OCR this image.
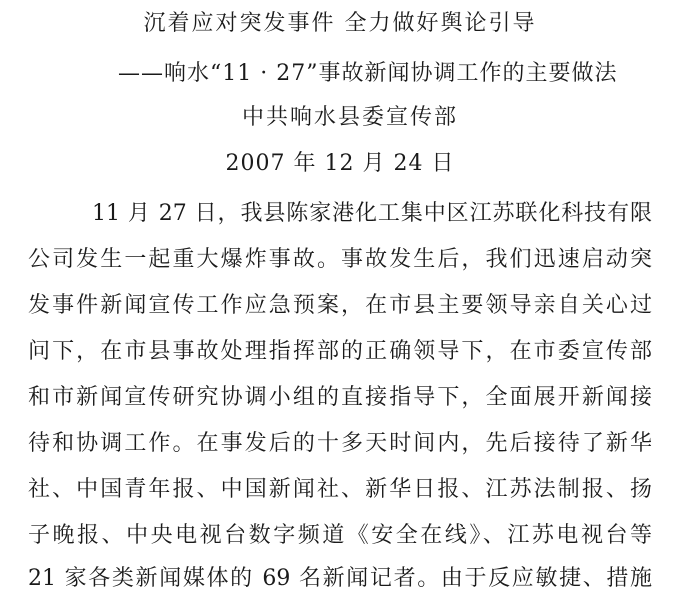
沉着应对突发事件 全力做好舆论引导
——响水“11 · 27”事故新闻协调工作的主要做法
中共响水县委宣传部
2007 年 12 月 24 日
11 月 27 日，我县陈家港化工集中区江苏联化科技有限
公司发生一起重大爆炸事故。事故发生后，我们迅速启动突
发事件新闻宣传工作应急预案，在市县主要领导亲自关心过
问下，在市县事故处理指挥部的正确领导下，在市委宣传部
和市新闻宣传研究协调小组的直接指导下，全面展开新闻接
待和协调工作。在事发后的十多天时间内，先后接待了新华
社、中国青年报、中国新闻社、新华日报、江苏法制报、扬
子晚报、中央电视台数字频道《安全在线》、江苏电视台等
21 家各类新闻媒体的 69 名新闻记者。由于反应敏捷、措施
